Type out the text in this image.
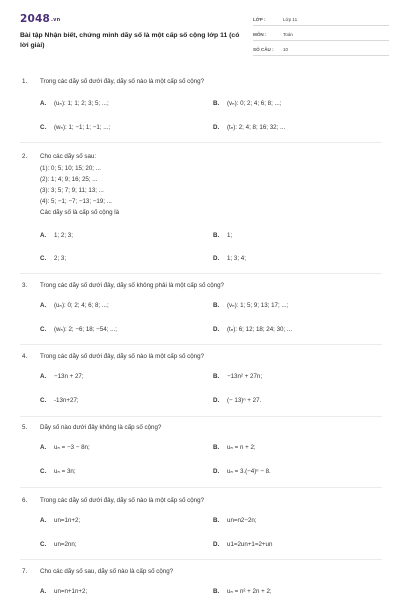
2048.vn
Bài tập Nhận biết, chứng minh dãy số là một cấp số cộng lớp 11 (có lời giải)
LỚP :	Lớp 11
MÔN :	Toán
SỐ CÂU : 10
1. Trong các dãy số dưới đây, dãy số nào là một cấp số cộng?
A. (uₙ): 1; 1; 2; 3; 5; ...;	B. (vₙ): 0; 2; 4; 6; 8; ...;
C. (wₙ): 1; −1; 1; −1; ...;	D. (tₙ): 2; 4; 8; 16; 32; ...
2. Cho các dãy số sau:
(1): 0; 5; 10; 15; 20; ...
(2): 1; 4; 9; 16; 25; ...
(3): 3; 5; 7; 9; 11; 13; ...
(4): 5; −1; −7; −13; −19; ...
Các dãy số là cấp số cộng là
A. 1; 2; 3;	B. 1;
C. 2; 3;	D. 1; 3; 4;
3. Trong các dãy số dưới đây, dãy số không phải là một cấp số cộng?
A. (uₙ): 0; 2; 4; 6; 8; ...;	B. (vₙ): 1; 5; 9; 13; 17; ...;
C. (wₙ): 2; −6; 18; −54; ...;	D. (tₙ): 6; 12; 18; 24; 30; ...
4. Trong các dãy số dưới đây, dãy số nào là một cấp số cộng?
A. −13n + 27;	B. −13n² + 27n;
C. -13n+27;	D. (− 13)ⁿ + 27.
5. Dãy số nào dưới đây không là cấp số cộng?
A. uₙ = −3 − 8n;	B. uₙ = n + 2;
C. uₙ = 3n;	D. uₙ = 3.(−4)ⁿ − 8.
6. Trong các dãy số dưới đây, dãy số nào là một cấp số cộng?
A. un=1n+2;	B. un=n2−2n;
C. un=2nn;	D. u1=2un+1=2+un
7. Cho các dãy số sau, dãy số nào là cấp số cộng?
A. un=n+1n+2;	B. uₙ = n² + 2n + 2;
